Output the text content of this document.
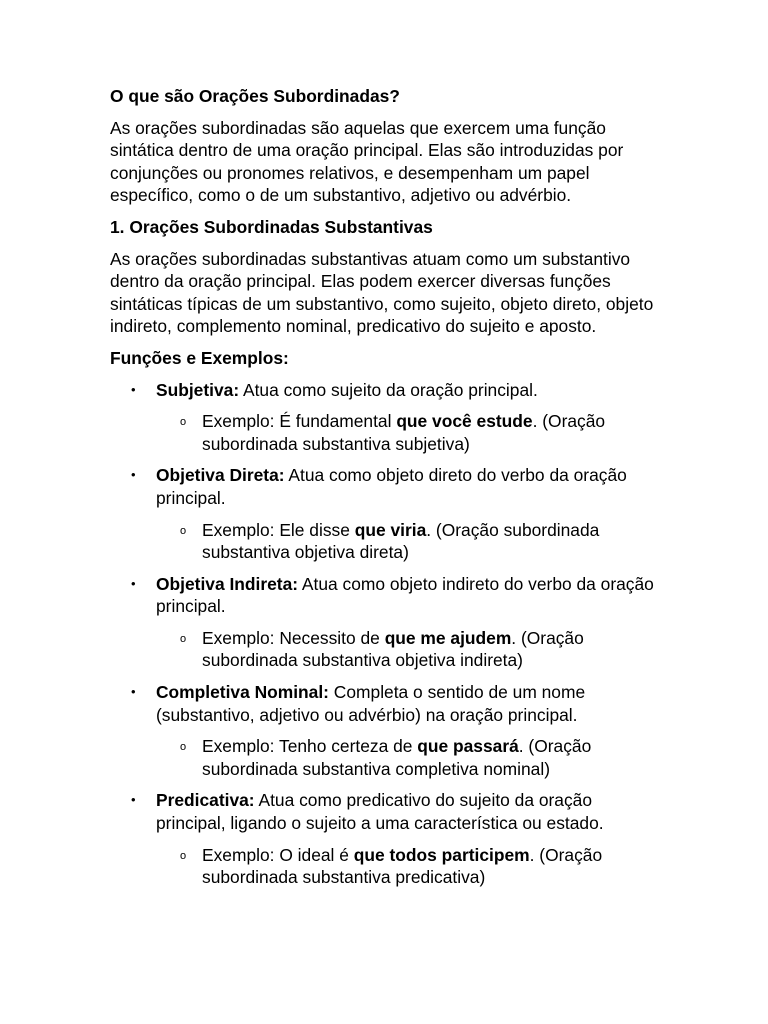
O que são Orações Subordinadas?

As orações subordinadas são aquelas que exercem uma função sintática dentro de uma oração principal. Elas são introduzidas por conjunções ou pronomes relativos, e desempenham um papel específico, como o de um substantivo, adjetivo ou advérbio.

1. Orações Subordinadas Substantivas

As orações subordinadas substantivas atuam como um substantivo dentro da oração principal. Elas podem exercer diversas funções sintáticas típicas de um substantivo, como sujeito, objeto direto, objeto indireto, complemento nominal, predicativo do sujeito e aposto.

Funções e Exemplos:
• Subjetiva: Atua como sujeito da oração principal.
o Exemplo: É fundamental que você estude. (Oração subordinada substantiva subjetiva)
• Objetiva Direta: Atua como objeto direto do verbo da oração principal.
o Exemplo: Ele disse que viria. (Oração subordinada substantiva objetiva direta)
• Objetiva Indireta: Atua como objeto indireto do verbo da oração principal.
o Exemplo: Necessito de que me ajudem. (Oração subordinada substantiva objetiva indireta)
• Completiva Nominal: Completa o sentido de um nome (substantivo, adjetivo ou advérbio) na oração principal.
o Exemplo: Tenho certeza de que passará. (Oração subordinada substantiva completiva nominal)
• Predicativa: Atua como predicativo do sujeito da oração principal, ligando o sujeito a uma característica ou estado.
o Exemplo: O ideal é que todos participem. (Oração subordinada substantiva predicativa)
